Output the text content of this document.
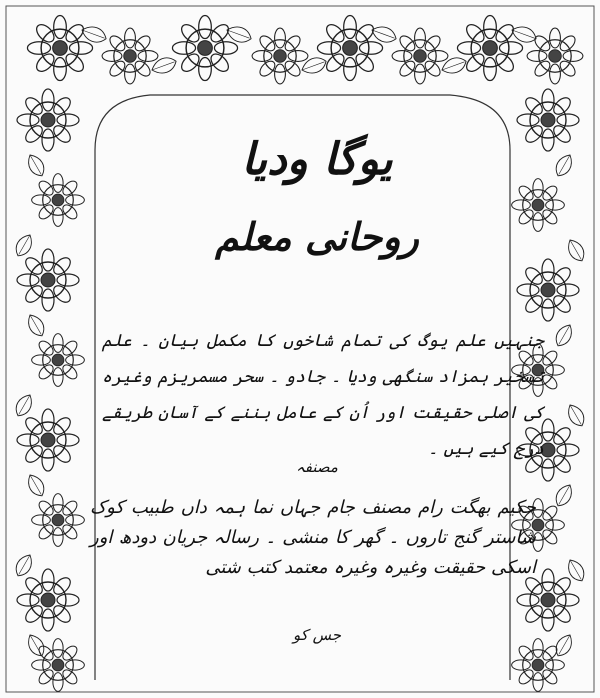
یوگا ودیا
روحانی معلم
جنہیں علم یوگ کی تمام شاخوں کا مکمل بیان ۔ علم تسخیر ہمزاد سنگھی ودیا ۔ جادو ۔ سحر مسمریزم وغیرہ کی اصلی حقیقت اور اُن کے عامل بننے کے آسان طریقے درج کیے ہیں ۔
مصنفہ
حکیم بھگت رام مصنف جام جہاں نما ہمہ داں طبیب کوک شاستر گنج تاروں ۔ گھر کا منشی ۔ رسالہ جریان دودھ اور اسکی حقیقت وغیرہ وغیرہ معتمد کتب شتی
جس کو
